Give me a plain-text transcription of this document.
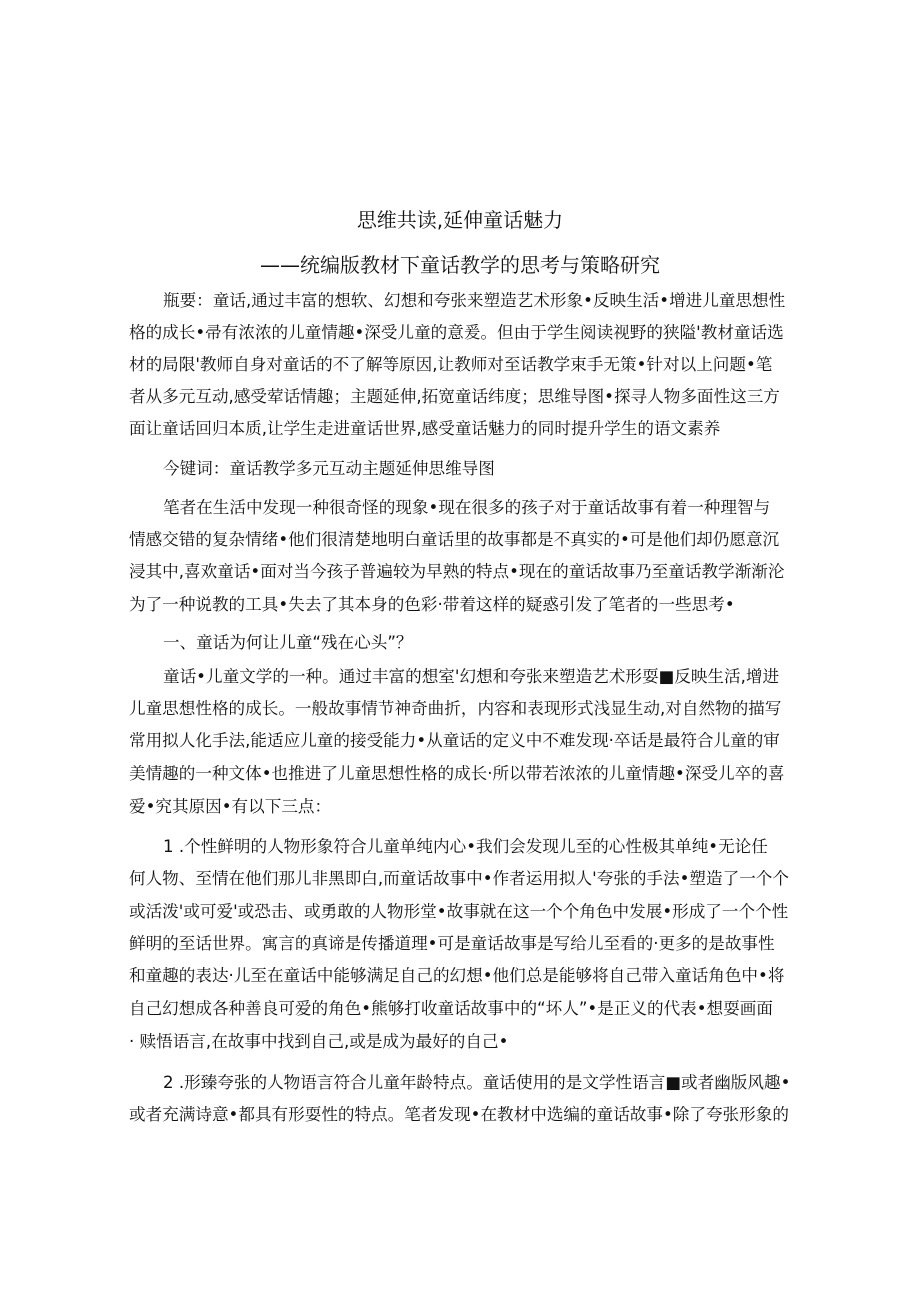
思维共读,延伸童话魅力
——统编版教材下童话教学的思考与策略研究
瓶要：童话,通过丰富的想软、幻想和夸张来塑造艺术形象•反映生活•增进儿童思想性
格的成长•帚有浓浓的儿童情趣•深受儿童的意爰。但由于学生阅读视野的狭隘'教材童话选
材的局限'教师自身对童话的不了解等原因,让教师对至话教学束手无策•针对以上问题•笔
者从多元互动,感受荤话情趣；主题延伸,拓宽童话纬度；思维导图•探寻人物多面性这三方
面让童话回归本质,让学生走进童话世界,感受童话魅力的同时提升学生的语文素养
今键词：童话教学多元互动主题延伸思维导图
笔者在生活中发现一种很奇怪的现象•现在很多的孩子对于童话故事有着一种理智与
情感交错的复杂情绪•他们很清楚地明白童话里的故事都是不真实的•可是他们却仍愿意沉
浸其中,喜欢童话•面对当今孩子普遍较为早熟的特点•现在的童话故事乃至童话教学渐渐沦
为了一种说教的工具•失去了其本身的色彩·带着这样的疑惑引发了笔者的一些思考•
一、童话为何让儿童“残在心头”？
童话•儿童文学的一种。通过丰富的想室'幻想和夸张来塑造艺术形耍■反映生活,增进
儿童思想性格的成长。一般故事情节神奇曲折，内容和表现形式浅显生动,对自然物的描写
常用拟人化手法,能适应儿童的接受能力•从童话的定义中不难发现·卒话是最符合儿童的审
美情趣的一种文体•也推进了儿童思想性格的成长·所以带若浓浓的儿童情趣•深受儿卒的喜
爱•究其原因•有以下三点：
1 .个性鲜明的人物形象符合儿童单纯内心•我们会发现儿至的心性极其单纯•无论任
何人物、至情在他们那儿非黑即白,而童话故事中•作者运用拟人'夸张的手法•塑造了一个个
或活泼'或可爱'或恐击、或勇敢的人物形堂•故事就在这一个个角色中发展•形成了一个个性
鲜明的至话世界。寓言的真谛是传播道理•可是童话故事是写给儿至看的·更多的是故事性
和童趣的表达·儿至在童话中能够满足自己的幻想•他们总是能够将自己带入童话角色中•将
自己幻想成各种善良可爱的角色•熊够打收童话故事中的“坏人”•是正义的代表•想耍画面
· 赎悟语言,在故事中找到自己,或是成为最好的自己•
2 .形臻夸张的人物语言符合儿童年龄特点。童话使用的是文学性语言■或者幽版风趣•
或者充满诗意•都具有形耍性的特点。笔者发现•在教材中选编的童话故事•除了夸张形象的
